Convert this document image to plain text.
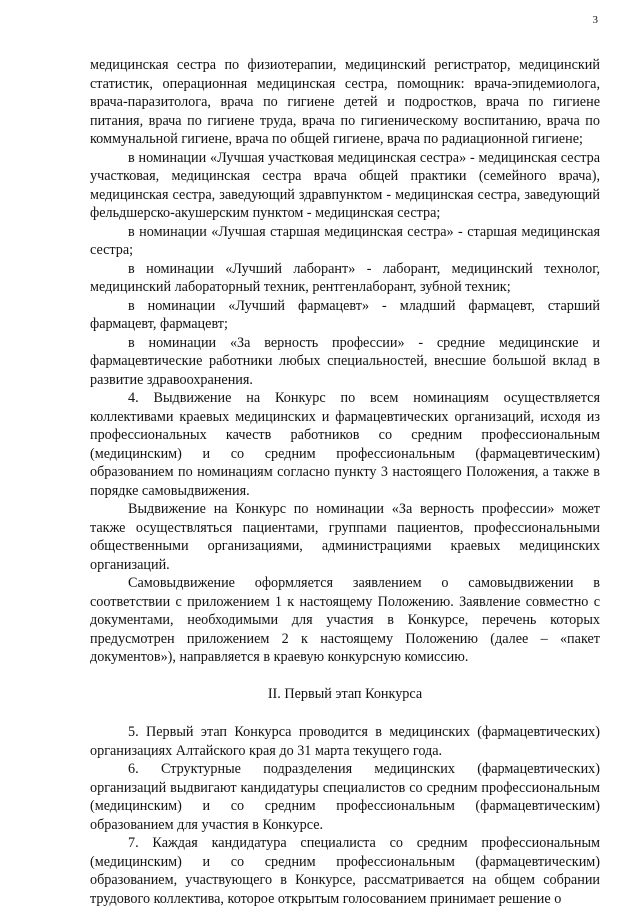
3

медицинская сестра по физиотерапии, медицинский регистратор, медицинский статистик, операционная медицинская сестра, помощник: врача-эпидемиолога, врача-паразитолога, врача по гигиене детей и подростков, врача по гигиене питания, врача по гигиене труда, врача по гигиеническому воспитанию, врача по коммунальной гигиене, врача по общей гигиене, врача по радиационной гигиене;

в номинации «Лучшая участковая медицинская сестра» - медицинская сестра участковая, медицинская сестра врача общей практики (семейного врача), медицинская сестра, заведующий здравпунктом - медицинская сестра, заведующий фельдшерско-акушерским пунктом - медицинская сестра;

в номинации «Лучшая старшая медицинская сестра» - старшая медицинская сестра;

в номинации «Лучший лаборант» - лаборант, медицинский технолог, медицинский лабораторный техник, рентгенлаборант, зубной техник;

в номинации «Лучший фармацевт» - младший фармацевт, старший фармацевт, фармацевт;

в номинации «За верность профессии» - средние медицинские и фармацевтические работники любых специальностей, внесшие большой вклад в развитие здравоохранения.

4. Выдвижение на Конкурс по всем номинациям осуществляется коллективами краевых медицинских и фармацевтических организаций, исходя из профессиональных качеств работников со средним профессиональным (медицинским) и со средним профессиональным (фармацевтическим) образованием по номинациям согласно пункту 3 настоящего Положения, а также в порядке самовыдвижения.

Выдвижение на Конкурс по номинации «За верность профессии» может также осуществляться пациентами, группами пациентов, профессиональными общественными организациями, администрациями краевых медицинских организаций.

Самовыдвижение оформляется заявлением о самовыдвижении в соответствии с приложением 1 к настоящему Положению. Заявление совместно с документами, необходимыми для участия в Конкурсе, перечень которых предусмотрен приложением 2 к настоящему Положению (далее – «пакет документов»), направляется в краевую конкурсную комиссию.

II. Первый этап Конкурса

5. Первый этап Конкурса проводится в медицинских (фармацевтических) организациях Алтайского края до 31 марта текущего года.

6. Структурные подразделения медицинских (фармацевтических) организаций выдвигают кандидатуры специалистов со средним профессиональным (медицинским) и со средним профессиональным (фармацевтическим) образованием для участия в Конкурсе.

7. Каждая кандидатура специалиста со средним профессиональным (медицинским) и со средним профессиональным (фармацевтическим) образованием, участвующего в Конкурсе, рассматривается на общем собрании трудового коллектива, которое открытым голосованием принимает решение о
